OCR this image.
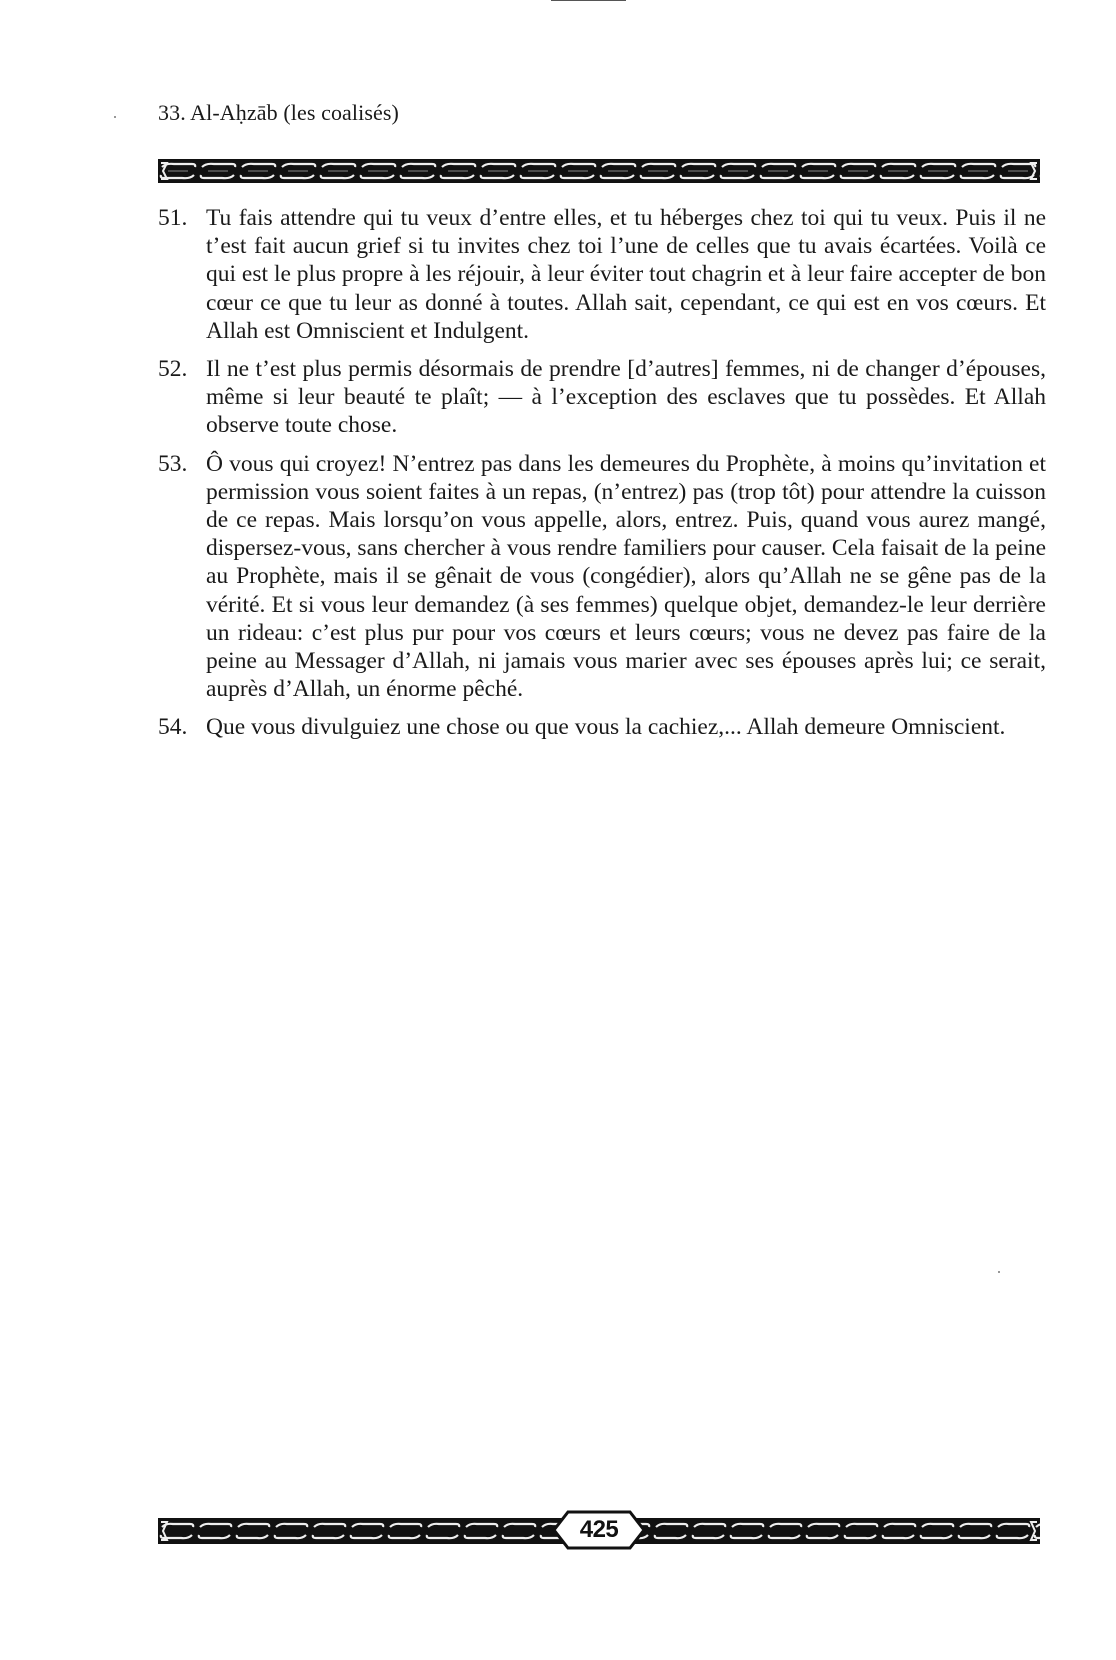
33. Al-Aḥzāb (les coalisés)
51. Tu fais attendre qui tu veux d’entre elles, et tu héberges chez toi qui tu veux. Puis il ne t’est fait aucun grief si tu invites chez toi l’une de celles que tu avais écartées. Voilà ce qui est le plus propre à les réjouir, à leur éviter tout chagrin et à leur faire accepter de bon cœur ce que tu leur as donné à toutes. Allah sait, cependant, ce qui est en vos cœurs. Et Allah est Omniscient et Indulgent.
52. Il ne t’est plus permis désormais de prendre [d’autres] femmes, ni de changer d’épouses, même si leur beauté te plaît; — à l’exception des esclaves que tu possèdes. Et Allah observe toute chose.
53. Ô vous qui croyez! N’entrez pas dans les demeures du Prophète, à moins qu’invitation et permission vous soient faites à un repas, (n’entrez) pas (trop tôt) pour attendre la cuisson de ce repas. Mais lorsqu’on vous appelle, alors, entrez. Puis, quand vous aurez mangé, dispersez-vous, sans chercher à vous rendre familiers pour causer. Cela faisait de la peine au Prophète, mais il se gênait de vous (congédier), alors qu’Allah ne se gêne pas de la vérité. Et si vous leur demandez (à ses femmes) quelque objet, demandez-le leur derrière un rideau: c’est plus pur pour vos cœurs et leurs cœurs; vous ne devez pas faire de la peine au Messager d’Allah, ni jamais vous marier avec ses épouses après lui; ce serait, auprès d’Allah, un énorme pêché.
54. Que vous divulguiez une chose ou que vous la cachiez,... Allah demeure Omniscient.
425
